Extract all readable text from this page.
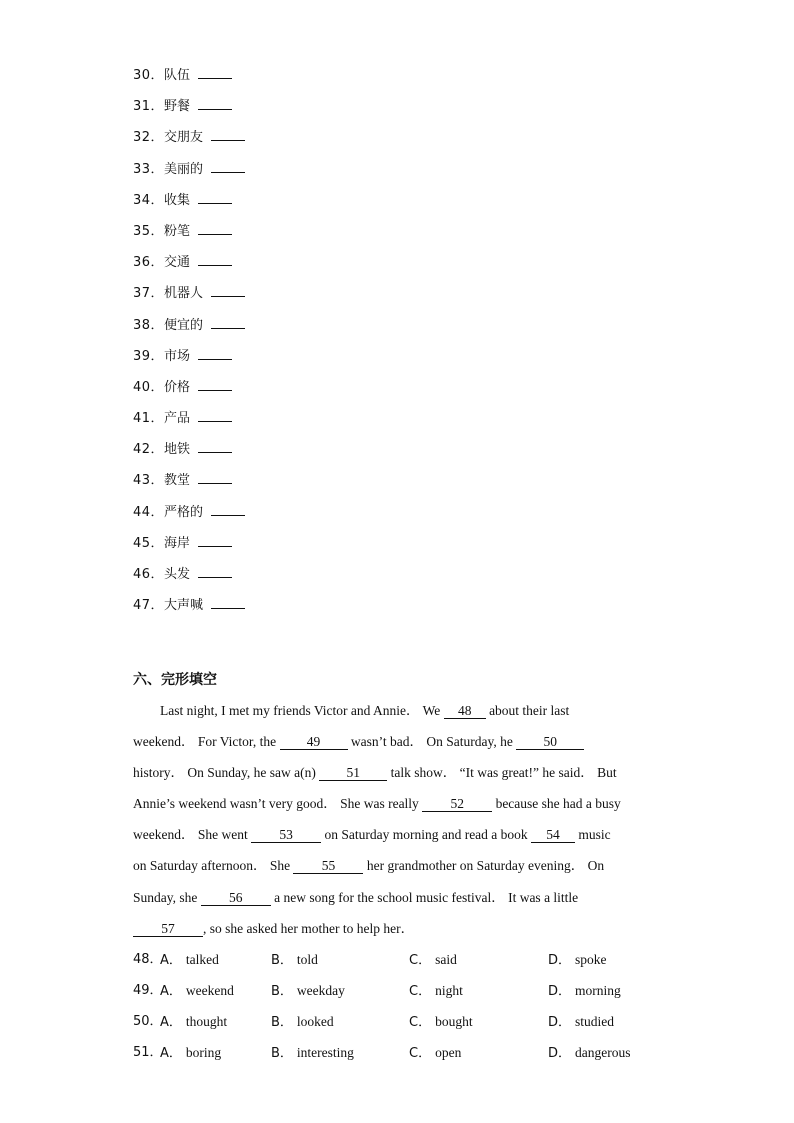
30．队伍
31．野餐
32．交朋友
33．美丽的
34．收集
35．粉笔
36．交通
37．机器人
38．便宜的
39．市场
40．价格
41．产品
42．地铁
43．教堂
44．严格的
45．海岸
46．头发
47．大声喊
六、完形填空
Last night, I met my friends Victor and Annie． We 48 about their last
weekend． For Victor, the 49 wasn’t bad． On Saturday, he 50
history． On Sunday, he saw a(n) 51 talk show． “It was great!” he said． But
Annie’s weekend wasn’t very good． She was really 52 because she had a busy
weekend． She went 53 on Saturday morning and read a book 54 music
on Saturday afternoon． She 55 her grandmother on Saturday evening． On
Sunday, she 56 a new song for the school music festival． It was a little
57 , so she asked her mother to help her．
48．
A． talked	B． told	C． said	D． spoke
49．
A． weekend	B． weekday	C． night	D． morning
50．
A． thought	B． looked	C． bought	D． studied
51．
A． boring	B． interesting	C． open	D． dangerous
